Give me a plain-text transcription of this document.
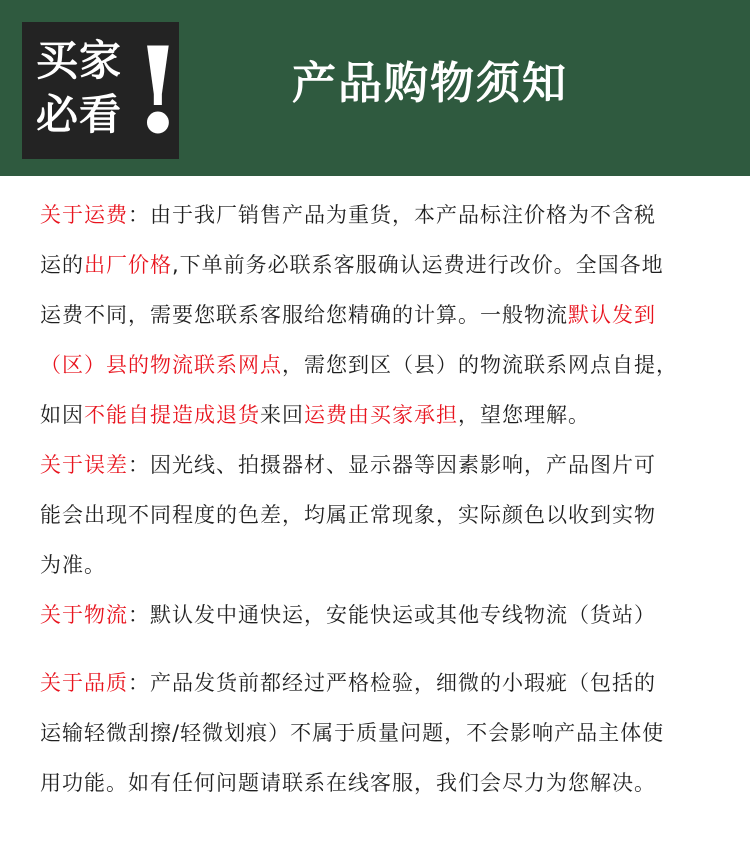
买家
必看 ! 产品购物须知
关于运费：由于我厂销售产品为重货，本产品标注价格为不含税
运的出厂价格,下单前务必联系客服确认运费进行改价。全国各地
运费不同，需要您联系客服给您精确的计算。一般物流默认发到
（区）县的物流联系网点，需您到区（县）的物流联系网点自提，
如因不能自提造成退货来回运费由买家承担，望您理解。
关于误差：因光线、拍摄器材、显示器等因素影响，产品图片可
能会出现不同程度的色差，均属正常现象，实际颜色以收到实物
为准。
关于物流：默认发中通快运，安能快运或其他专线物流（货站）
关于品质：产品发货前都经过严格检验，细微的小瑕疵（包括的
运输轻微刮擦/轻微划痕）不属于质量问题，不会影响产品主体使
用功能。如有任何问题请联系在线客服，我们会尽力为您解决。
